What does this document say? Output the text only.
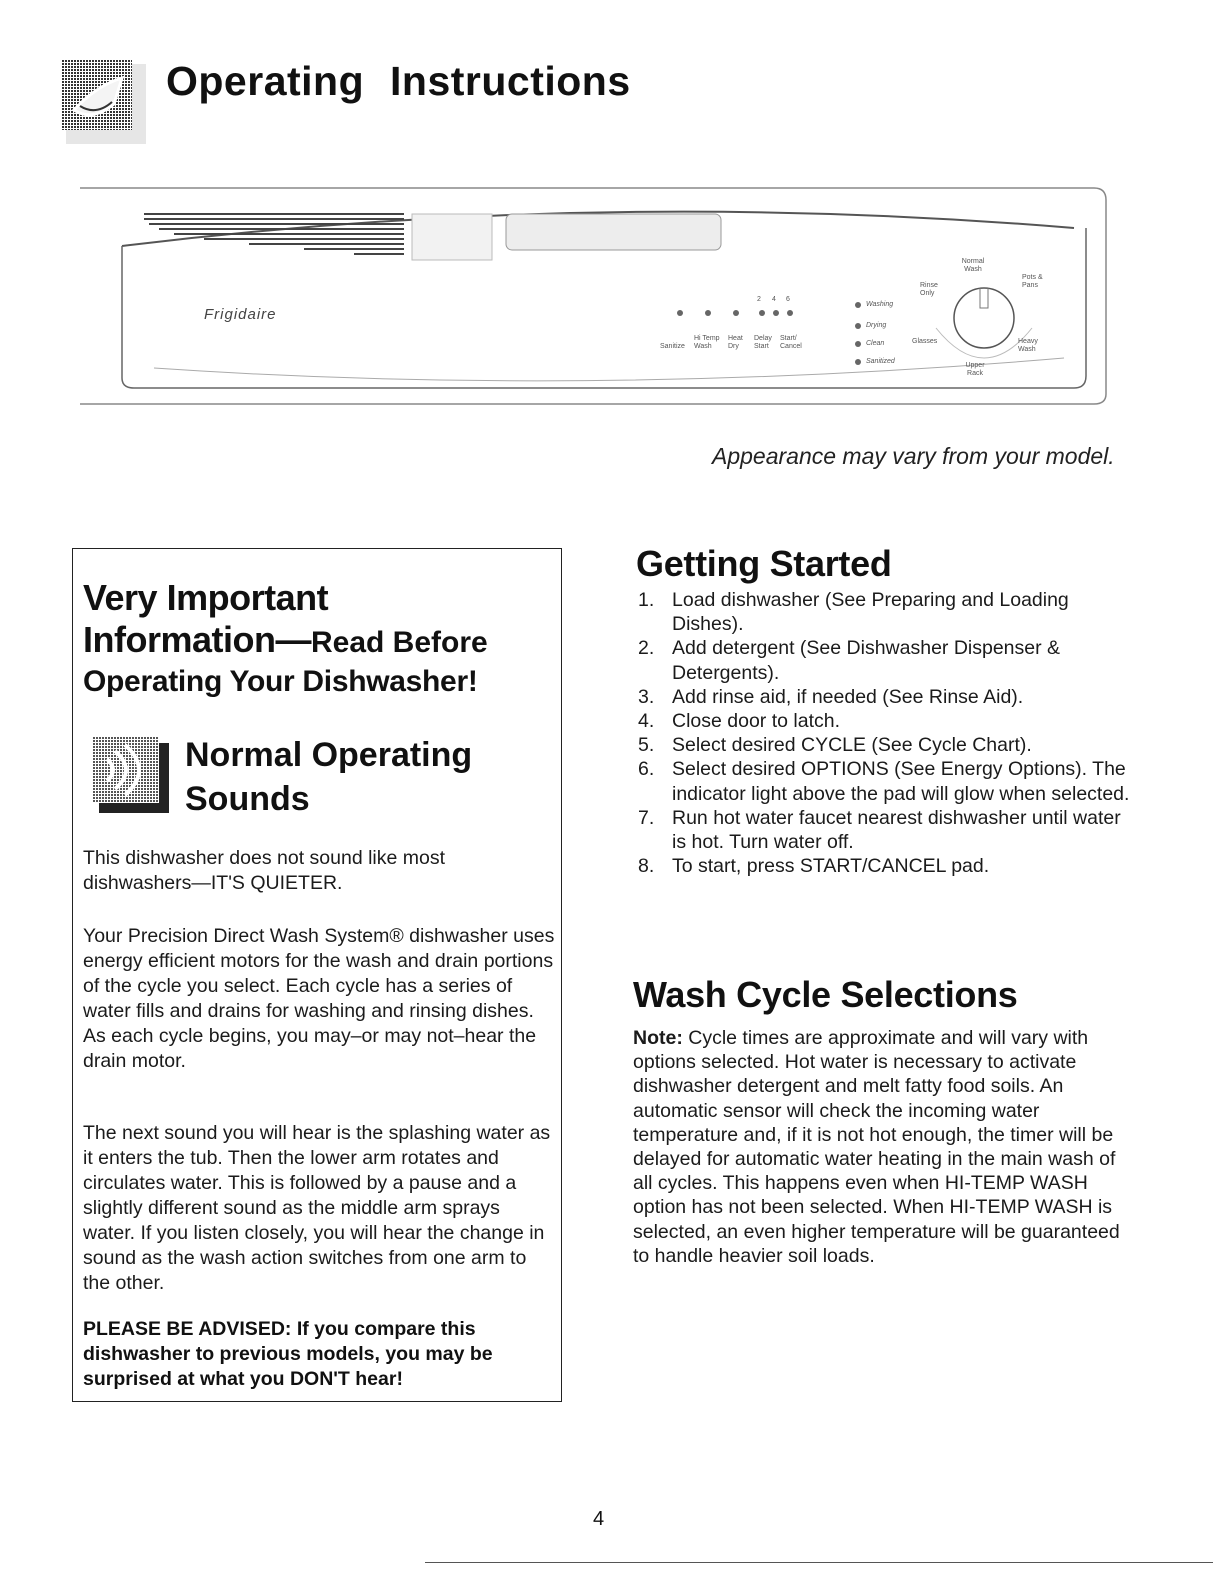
Operating Instructions
Frigidaire
Sanitize
Hi Temp Wash
Heat Dry
Delay Start
Start/ Cancel
2 4 6
Washing
Drying
Clean
Sanitized
Normal Wash
Pots & Pans
Rinse Only
Glasses	Heavy Wash
Upper Rack
Appearance may vary from your model.
Very Important
Information—Read Before
Operating Your Dishwasher!
Normal Operating
Sounds
This dishwasher does not sound like most dishwashers—IT'S QUIETER.
Your Precision Direct Wash System® dishwasher uses energy efficient motors for the wash and drain portions of the cycle you select. Each cycle has a series of water fills and drains for washing and rinsing dishes. As each cycle begins, you may–or may not–hear the drain motor.
The next sound you will hear is the splashing water as it enters the tub. Then the lower arm rotates and circulates water. This is followed by a pause and a slightly different sound as the middle arm sprays water. If you listen closely, you will hear the change in sound as the wash action switches from one arm to the other.
PLEASE BE ADVISED: If you compare this dishwasher to previous models, you may be surprised at what you DON'T hear!
Getting Started
1. Load dishwasher (See Preparing and Loading Dishes).
2. Add detergent (See Dishwasher Dispenser & Detergents).
3. Add rinse aid, if needed (See Rinse Aid).
4. Close door to latch.
5. Select desired CYCLE (See Cycle Chart).
6. Select desired OPTIONS (See Energy Options). The indicator light above the pad will glow when selected.
7. Run hot water faucet nearest dishwasher until water is hot. Turn water off.
8. To start, press START/CANCEL pad.
Wash Cycle Selections
Note: Cycle times are approximate and will vary with options selected. Hot water is necessary to activate dishwasher detergent and melt fatty food soils. An automatic sensor will check the incoming water temperature and, if it is not hot enough, the timer will be delayed for automatic water heating in the main wash of all cycles. This happens even when HI-TEMP WASH option has not been selected. When HI-TEMP WASH is selected, an even higher temperature will be guaranteed to handle heavier soil loads.
4
